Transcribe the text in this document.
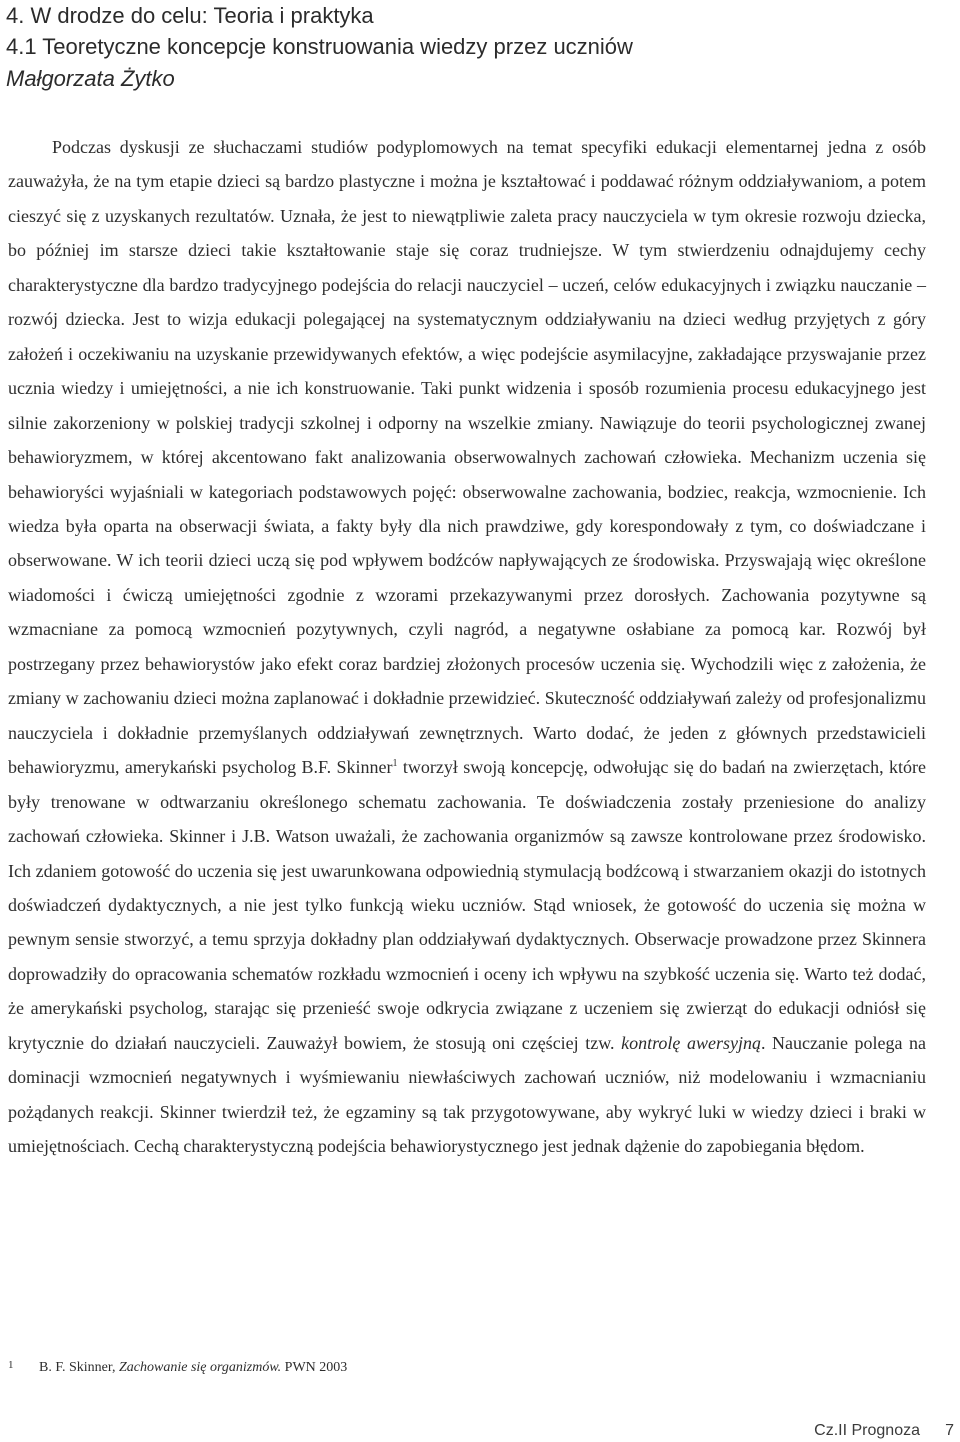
4. W drodze do celu: Teoria i praktyka
4.1 Teoretyczne koncepcje konstruowania wiedzy przez uczniów

Małgorzata Żytko

Podczas dyskusji ze słuchaczami studiów podyplomowych na temat specyfiki edukacji elementarnej jedna z osób zauważyła, że na tym etapie dzieci są bardzo plastyczne i można je kształtować i poddawać różnym oddziaływaniom, a potem cieszyć się z uzyskanych rezultatów. Uznała, że jest to niewątpliwie zaleta pracy nauczyciela w tym okresie rozwoju dziecka, bo później im starsze dzieci takie kształtowanie staje się coraz trudniejsze. W tym stwierdzeniu odnajdujemy cechy charakterystyczne dla bardzo tradycyjnego podejścia do relacji nauczyciel – uczeń, celów edukacyjnych i związku nauczanie – rozwój dziecka. Jest to wizja edukacji polegającej na systematycznym oddziaływaniu na dzieci według przyjętych z góry założeń i oczekiwaniu na uzyskanie przewidywanych efektów, a więc podejście asymilacyjne, zakładające przyswajanie przez ucznia wiedzy i umiejętności, a nie ich konstruowanie. Taki punkt widzenia i sposób rozumienia procesu edukacyjnego jest silnie zakorzeniony w polskiej tradycji szkolnej i odporny na wszelkie zmiany. Nawiązuje do teorii psychologicznej zwanej behawioryzmem, w której akcentowano fakt analizowania obserwowalnych zachowań człowieka. Mechanizm uczenia się behawioryści wyjaśniali w kategoriach podstawowych pojęć: obserwowalne zachowania, bodziec, reakcja, wzmocnienie. Ich wiedza była oparta na obserwacji świata, a fakty były dla nich prawdziwe, gdy korespondowały z tym, co doświadczane i obserwowane. W ich teorii dzieci uczą się pod wpływem bodźców napływających ze środowiska. Przyswajają więc określone wiadomości i ćwiczą umiejętności zgodnie z wzorami przekazywanymi przez dorosłych. Zachowania pozytywne są wzmacniane za pomocą wzmocnień pozytywnych, czyli nagród, a negatywne osłabiane za pomocą kar. Rozwój był postrzegany przez behawiorystów jako efekt coraz bardziej złożonych procesów uczenia się. Wychodzili więc z założenia, że zmiany w zachowaniu dzieci można zaplanować i dokładnie przewidzieć. Skuteczność oddziaływań zależy od profesjonalizmu nauczyciela i dokładnie przemyślanych oddziaływań zewnętrznych. Warto dodać, że jeden z głównych przedstawicieli behawioryzmu, amerykański psycholog B.F. Skinner$^1$ tworzył swoją koncepcję, odwołując się do badań na zwierzętach, które były trenowane w odtwarzaniu określonego schematu zachowania. Te doświadczenia zostały przeniesione do analizy zachowań człowieka. Skinner i J.B. Watson uważali, że zachowania organizmów są zawsze kontrolowane przez środowisko. Ich zdaniem gotowość do uczenia się jest uwarunkowana odpowiednią stymulacją bodźcową i stwarzaniem okazji do istotnych doświadczeń dydaktycznych, a nie jest tylko funkcją wieku uczniów. Stąd wniosek, że gotowość do uczenia się można w pewnym sensie stworzyć, a temu sprzyja dokładny plan oddziaływań dydaktycznych. Obserwacje prowadzone przez Skinnera doprowadziły do opracowania schematów rozkładu wzmocnień i oceny ich wpływu na szybkość uczenia się. Warto też dodać, że amerykański psycholog, starając się przenieść swoje odkrycia związane z uczeniem się zwierząt do edukacji odniósł się krytycznie do działań nauczycieli. Zauważył bowiem, że stosują oni częściej tzw. kontrolę awersyjną. Nauczanie polega na dominacji wzmocnień negatywnych i wyśmiewaniu niewłaściwych zachowań uczniów, niż modelowaniu i wzmacnianiu pożądanych reakcji. Skinner twierdził też, że egzaminy są tak przygotowywane, aby wykryć luki w wiedzy dzieci i braki w umiejętnościach. Cechą charakterystyczną podejścia behawiorystycznego jest jednak dążenie do zapobiegania błędom.

1 B. F. Skinner, Zachowanie się organizmów. PWN 2003
Cz.II Prognoza 7
